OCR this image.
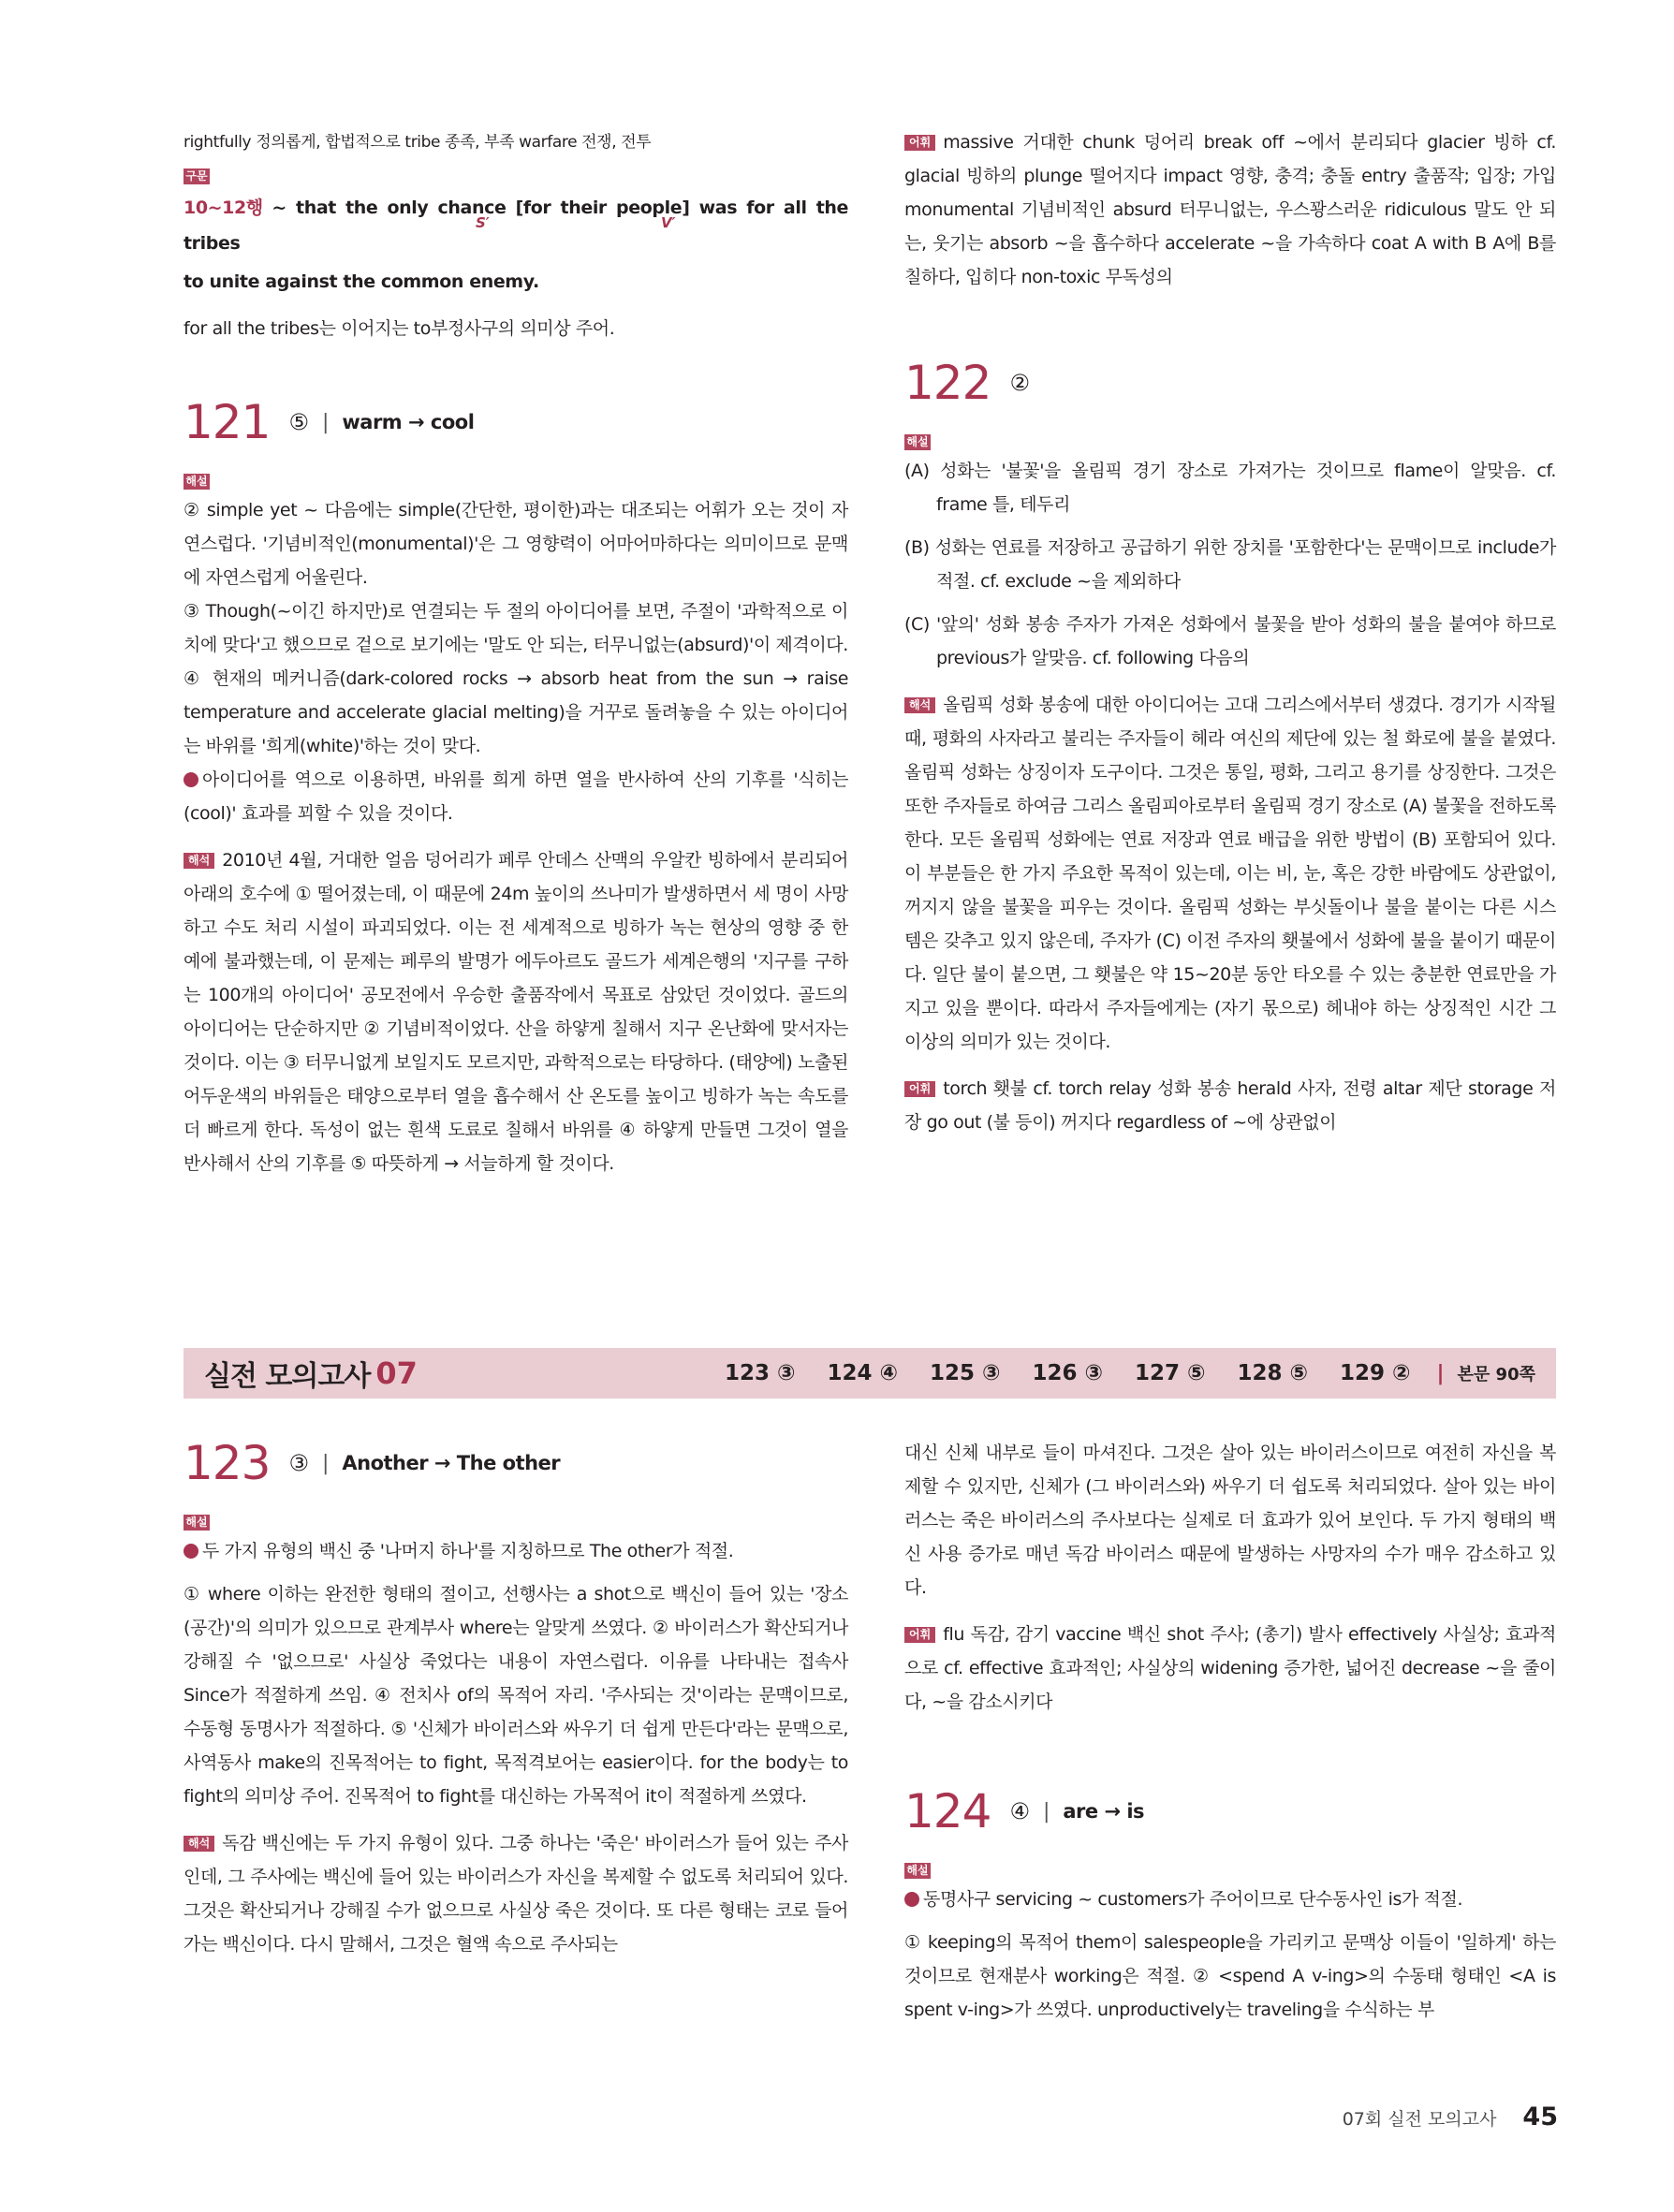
rightfully 정의롭게, 합법적으로 tribe 종족, 부족 warfare 전쟁, 전투

구문

10~12행 ~ that the only chance [for their people] was for all the tribes

S′	V′

to unite against the common enemy.

for all the tribes는 이어지는 to부정사구의 의미상 주어.

121 ⑤ | warm → cool
해설

② simple yet ~ 다음에는 simple(간단한, 평이한)과는 대조되는 어휘가 오는 것이 자연스럽다. '기념비적인(monumental)'은 그 영향력이 어마어마하다는 의미이므로 문맥에 자연스럽게 어울린다.

③ Though(~이긴 하지만)로 연결되는 두 절의 아이디어를 보면, 주절이 '과학적으로 이치에 맞다'고 했으므로 겉으로 보기에는 '말도 안 되는, 터무니없는(absurd)'이 제격이다.

④ 현재의 메커니즘(dark-colored rocks → absorb heat from the sun → raise temperature and accelerate glacial melting)을 거꾸로 돌려놓을 수 있는 아이디어는 바위를 '희게(white)'하는 것이 맞다.

아이디어를 역으로 이용하면, 바위를 희게 하면 열을 반사하여 산의 기후를 '식히는(cool)' 효과를 꾀할 수 있을 것이다.

해석 2010년 4월, 거대한 얼음 덩어리가 페루 안데스 산맥의 우알칸 빙하에서 분리되어 아래의 호수에 ① 떨어졌는데, 이 때문에 24m 높이의 쓰나미가 발생하면서 세 명이 사망하고 수도 처리 시설이 파괴되었다. 이는 전 세계적으로 빙하가 녹는 현상의 영향 중 한 예에 불과했는데, 이 문제는 페루의 발명가 에두아르도 골드가 세계은행의 '지구를 구하는 100개의 아이디어' 공모전에서 우승한 출품작에서 목표로 삼았던 것이었다. 골드의 아이디어는 단순하지만 ② 기념비적이었다. 산을 하얗게 칠해서 지구 온난화에 맞서자는 것이다. 이는 ③ 터무니없게 보일지도 모르지만, 과학적으로는 타당하다. (태양에) 노출된 어두운색의 바위들은 태양으로부터 열을 흡수해서 산 온도를 높이고 빙하가 녹는 속도를 더 빠르게 한다. 독성이 없는 흰색 도료로 칠해서 바위를 ④ 하얗게 만들면 그것이 열을 반사해서 산의 기후를 ⑤ 따뜻하게 → 서늘하게 할 것이다.

어휘 massive 거대한 chunk 덩어리 break off ~에서 분리되다 glacier 빙하 cf. glacial 빙하의 plunge 떨어지다 impact 영향, 충격; 충돌 entry 출품작; 입장; 가입 monumental 기념비적인 absurd 터무니없는, 우스꽝스러운 ridiculous 말도 안 되는, 웃기는 absorb ~을 흡수하다 accelerate ~을 가속하다 coat A with B A에 B를 칠하다, 입히다 non-toxic 무독성의

122 ②
해설

(A) 성화는 '불꽃'을 올림픽 경기 장소로 가져가는 것이므로 flame이 알맞음. cf. frame 틀, 테두리

(B) 성화는 연료를 저장하고 공급하기 위한 장치를 '포함한다'는 문맥이므로 include가 적절. cf. exclude ~을 제외하다

(C) '앞의' 성화 봉송 주자가 가져온 성화에서 불꽃을 받아 성화의 불을 붙여야 하므로 previous가 알맞음. cf. following 다음의

해석 올림픽 성화 봉송에 대한 아이디어는 고대 그리스에서부터 생겼다. 경기가 시작될 때, 평화의 사자라고 불리는 주자들이 헤라 여신의 제단에 있는 철 화로에 불을 붙였다. 올림픽 성화는 상징이자 도구이다. 그것은 통일, 평화, 그리고 용기를 상징한다. 그것은 또한 주자들로 하여금 그리스 올림피아로부터 올림픽 경기 장소로 (A) 불꽃을 전하도록 한다. 모든 올림픽 성화에는 연료 저장과 연료 배급을 위한 방법이 (B) 포함되어 있다. 이 부분들은 한 가지 주요한 목적이 있는데, 이는 비, 눈, 혹은 강한 바람에도 상관없이, 꺼지지 않을 불꽃을 피우는 것이다. 올림픽 성화는 부싯돌이나 불을 붙이는 다른 시스템은 갖추고 있지 않은데, 주자가 (C) 이전 주자의 횃불에서 성화에 불을 붙이기 때문이다. 일단 불이 붙으면, 그 횃불은 약 15~20분 동안 타오를 수 있는 충분한 연료만을 가지고 있을 뿐이다. 따라서 주자들에게는 (자기 몫으로) 헤내야 하는 상징적인 시간 그 이상의 의미가 있는 것이다.

어휘 torch 횃불 cf. torch relay 성화 봉송 herald 사자, 전령 altar 제단 storage 저장 go out (불 등이) 꺼지다 regardless of ~에 상관없이

실전 모의고사 07	123 ③ 124 ④ 125 ③ 126 ③ 127 ⑤ 128 ⑤ 129 ② | 본문 90쪽
123 ③ | Another → The other
해설

두 가지 유형의 백신 중 '나머지 하나'를 지칭하므로 The other가 적절.

① where 이하는 완전한 형태의 절이고, 선행사는 a shot으로 백신이 들어 있는 '장소(공간)'의 의미가 있으므로 관계부사 where는 알맞게 쓰였다. ② 바이러스가 확산되거나 강해질 수 '없으므로' 사실상 죽었다는 내용이 자연스럽다. 이유를 나타내는 접속사 Since가 적절하게 쓰임. ④ 전치사 of의 목적어 자리. '주사되는 것'이라는 문맥이므로, 수동형 동명사가 적절하다. ⑤ '신체가 바이러스와 싸우기 더 쉽게 만든다'라는 문맥으로, 사역동사 make의 진목적어는 to fight, 목적격보어는 easier이다. for the body는 to fight의 의미상 주어. 진목적어 to fight를 대신하는 가목적어 it이 적절하게 쓰였다.

해석 독감 백신에는 두 가지 유형이 있다. 그중 하나는 '죽은' 바이러스가 들어 있는 주사인데, 그 주사에는 백신에 들어 있는 바이러스가 자신을 복제할 수 없도록 처리되어 있다. 그것은 확산되거나 강해질 수가 없으므로 사실상 죽은 것이다. 또 다른 형태는 코로 들어가는 백신이다. 다시 말해서, 그것은 혈액 속으로 주사되는

대신 신체 내부로 들이 마셔진다. 그것은 살아 있는 바이러스이므로 여전히 자신을 복제할 수 있지만, 신체가 (그 바이러스와) 싸우기 더 쉽도록 처리되었다. 살아 있는 바이러스는 죽은 바이러스의 주사보다는 실제로 더 효과가 있어 보인다. 두 가지 형태의 백신 사용 증가로 매년 독감 바이러스 때문에 발생하는 사망자의 수가 매우 감소하고 있다.

어휘 flu 독감, 감기 vaccine 백신 shot 주사; (총기) 발사 effectively 사실상; 효과적으로 cf. effective 효과적인; 사실상의 widening 증가한, 넓어진 decrease ~을 줄이다, ~을 감소시키다

124 ④ | are → is
해설

동명사구 servicing ~ customers가 주어이므로 단수동사인 is가 적절.

① keeping의 목적어 them이 salespeople을 가리키고 문맥상 이들이 '일하게' 하는 것이므로 현재분사 working은 적절. ② <spend A v-ing>의 수동태 형태인 <A is spent v-ing>가 쓰였다. unproductively는 traveling을 수식하는 부

07회 실전 모의고사 45
